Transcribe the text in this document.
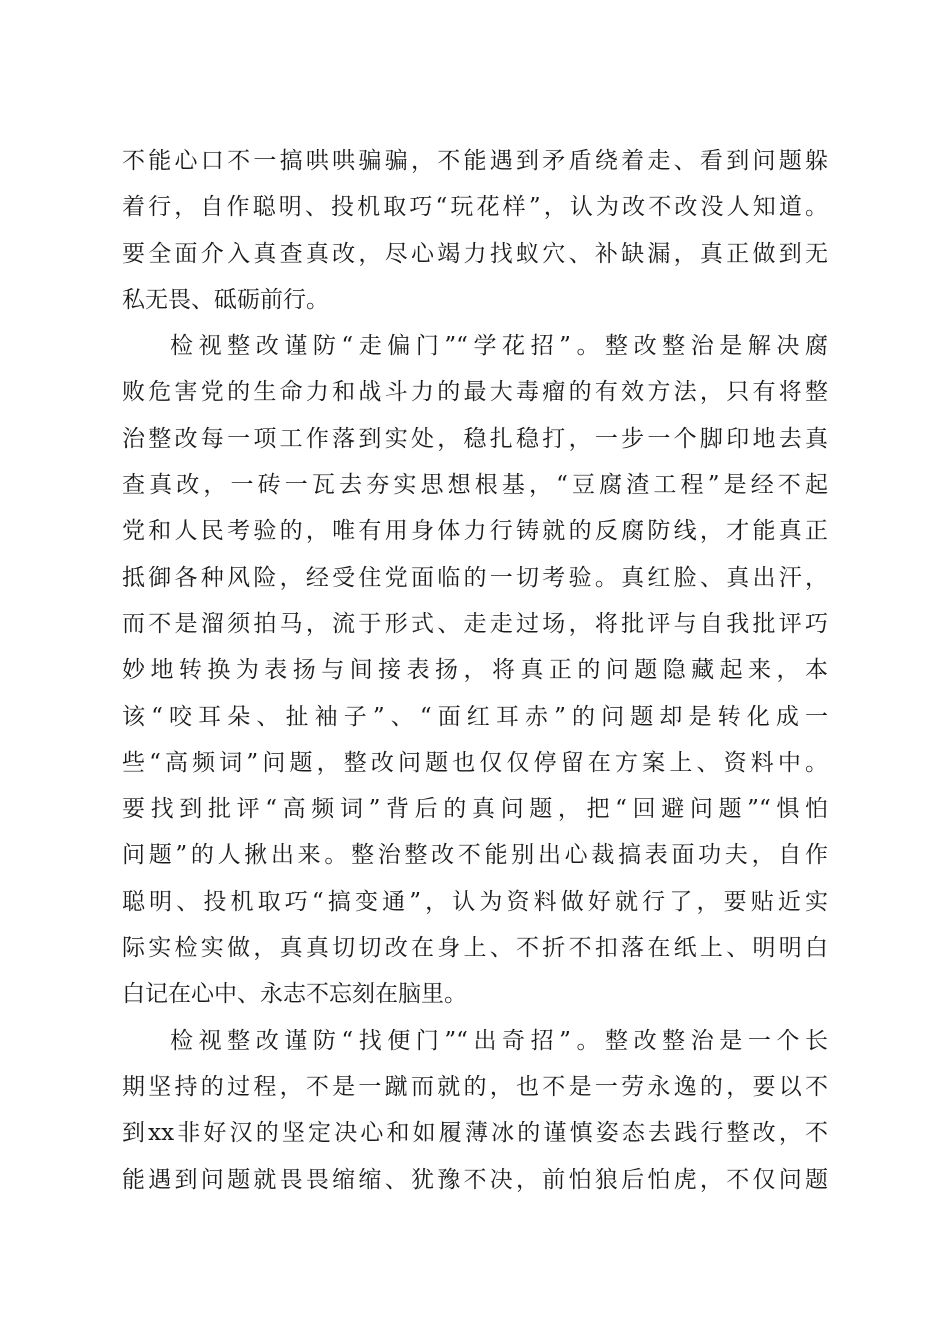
不能心口不一搞哄哄骗骗，不能遇到矛盾绕着走、看到问题躲
着行，自作聪明、投机取巧“玩花样”，认为改不改没人知道。
要全面介入真查真改，尽心竭力找蚁穴、补缺漏，真正做到无
私无畏、砥砺前行。
检视整改谨防“走偏门”“学花招”。整改整治是解决腐
败危害党的生命力和战斗力的最大毒瘤的有效方法，只有将整
治整改每一项工作落到实处，稳扎稳打，一步一个脚印地去真
查真改，一砖一瓦去夯实思想根基，“豆腐渣工程”是经不起
党和人民考验的，唯有用身体力行铸就的反腐防线，才能真正
抵御各种风险，经受住党面临的一切考验。真红脸、真出汗，
而不是溜须拍马，流于形式、走走过场，将批评与自我批评巧
妙地转换为表扬与间接表扬，将真正的问题隐藏起来，本
该“咬耳朵、扯袖子”、“面红耳赤”的问题却是转化成一
些“高频词”问题，整改问题也仅仅停留在方案上、资料中。
要找到批评“高频词”背后的真问题，把“回避问题”“惧怕
问题”的人揪出来。整治整改不能别出心裁搞表面功夫，自作
聪明、投机取巧“搞变通”，认为资料做好就行了，要贴近实
际实检实做，真真切切改在身上、不折不扣落在纸上、明明白
白记在心中、永志不忘刻在脑里。
检视整改谨防“找便门”“出奇招”。整改整治是一个长
期坚持的过程，不是一蹴而就的，也不是一劳永逸的，要以不
到xx非好汉的坚定决心和如履薄冰的谨慎姿态去践行整改，不
能遇到问题就畏畏缩缩、犹豫不决，前怕狼后怕虎，不仅问题
